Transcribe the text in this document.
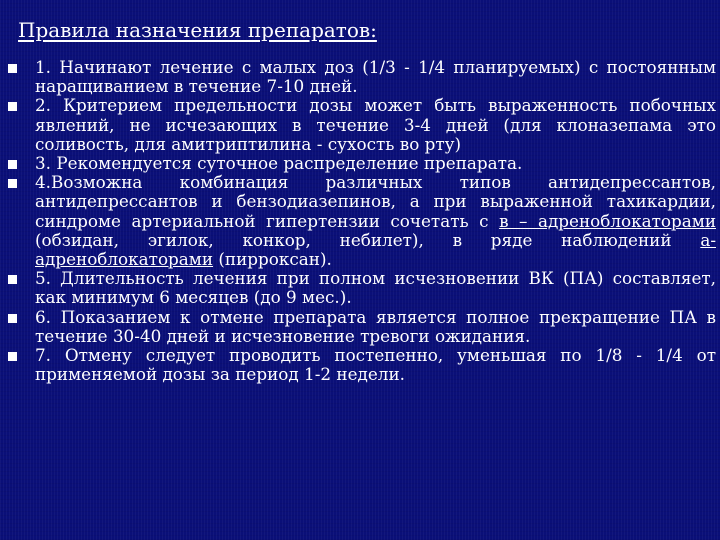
Правила назначения препаратов:
1. Начинают лечение с малых доз (1/3 - 1/4 планируемых) с постоянным наращиванием в течение 7-10 дней.
2. Критерием предельности дозы может быть выраженность побочных явлений, не исчезающих в течение 3-4 дней (для клоназепама это соливость, для амитриптилина - сухость во рту)
3. Рекомендуется суточное распределение препарата.
4.Возможна комбинация различных типов антидепрессантов, антидепрессантов и бензодиазепинов, а при выраженной тахикардии, синдроме артериальной гипертензии сочетать с в – адреноблокаторами (обзидан, эгилок, конкор, небилет), в ряде наблюдений а-адреноблокаторами (пирроксан).
5. Длительность лечения при полном исчезновении ВК (ПА) составляет, как минимум 6 месяцев (до 9 мес.).
6. Показанием к отмене препарата является полное прекращение ПА в течение 30-40 дней и исчезновение тревоги ожидания.
7. Отмену следует проводить постепенно, уменьшая по 1/8 - 1/4 от применяемой дозы за период 1-2 недели.
